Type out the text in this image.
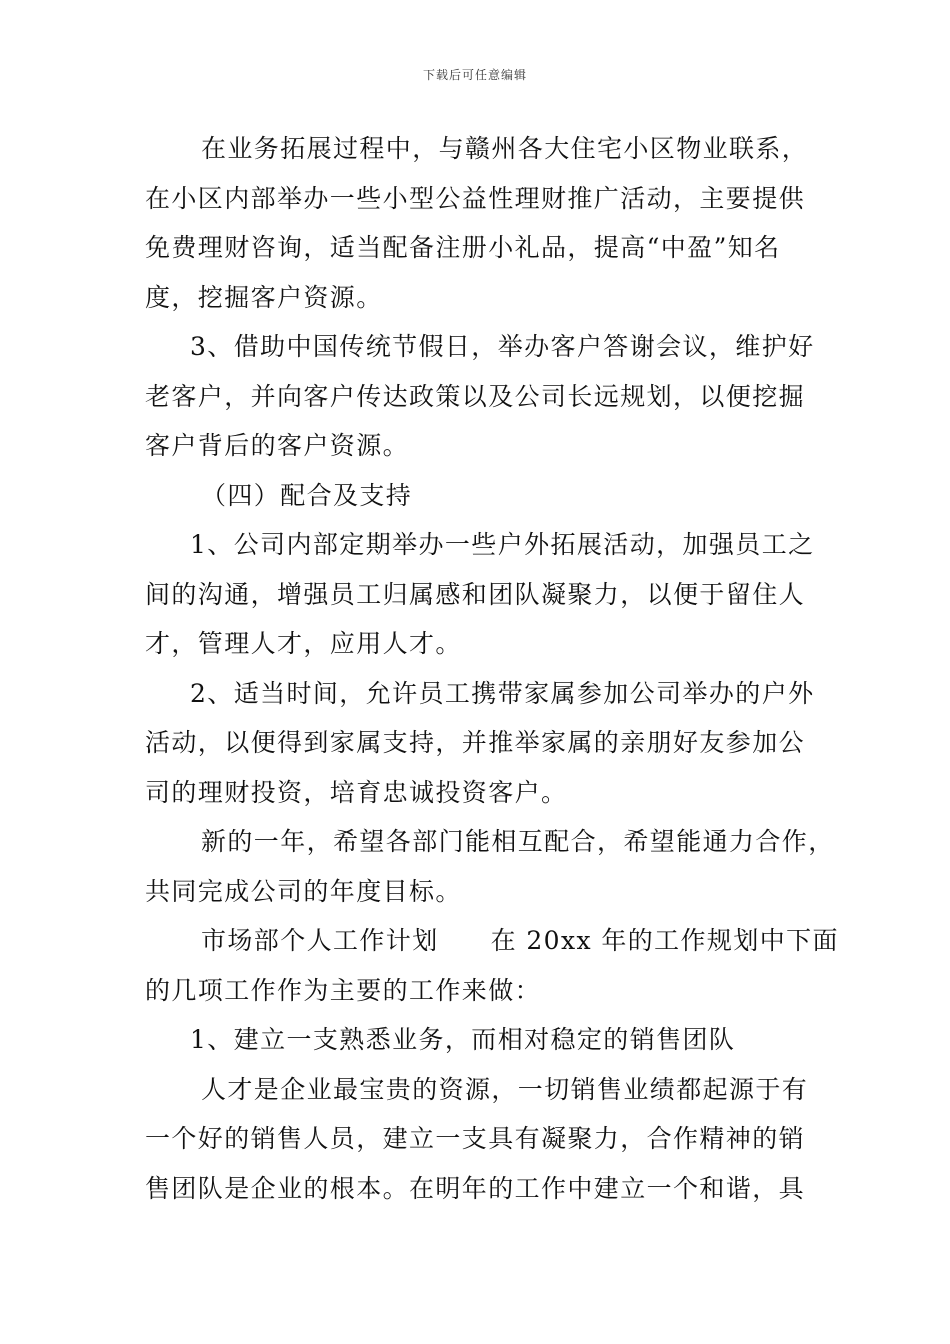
下载后可任意编辑
在业务拓展过程中，与赣州各大住宅小区物业联系，
在小区内部举办一些小型公益性理财推广活动，主要提供
免费理财咨询，适当配备注册小礼品，提高“中盈”知名
度，挖掘客户资源。
3、借助中国传统节假日，举办客户答谢会议，维护好
老客户，并向客户传达政策以及公司长远规划，以便挖掘
客户背后的客户资源。
（四）配合及支持
1、公司内部定期举办一些户外拓展活动，加强员工之
间的沟通，增强员工归属感和团队凝聚力，以便于留住人
才，管理人才，应用人才。
2、适当时间，允许员工携带家属参加公司举办的户外
活动，以便得到家属支持，并推举家属的亲朋好友参加公
司的理财投资，培育忠诚投资客户。
新的一年，希望各部门能相互配合，希望能通力合作，
共同完成公司的年度目标。
市场部个人工作计划 在 20xx 年的工作规划中下面
的几项工作作为主要的工作来做：
1、建立一支熟悉业务，而相对稳定的销售团队
人才是企业最宝贵的资源，一切销售业绩都起源于有
一个好的销售人员，建立一支具有凝聚力，合作精神的销
售团队是企业的根本。在明年的工作中建立一个和谐，具
